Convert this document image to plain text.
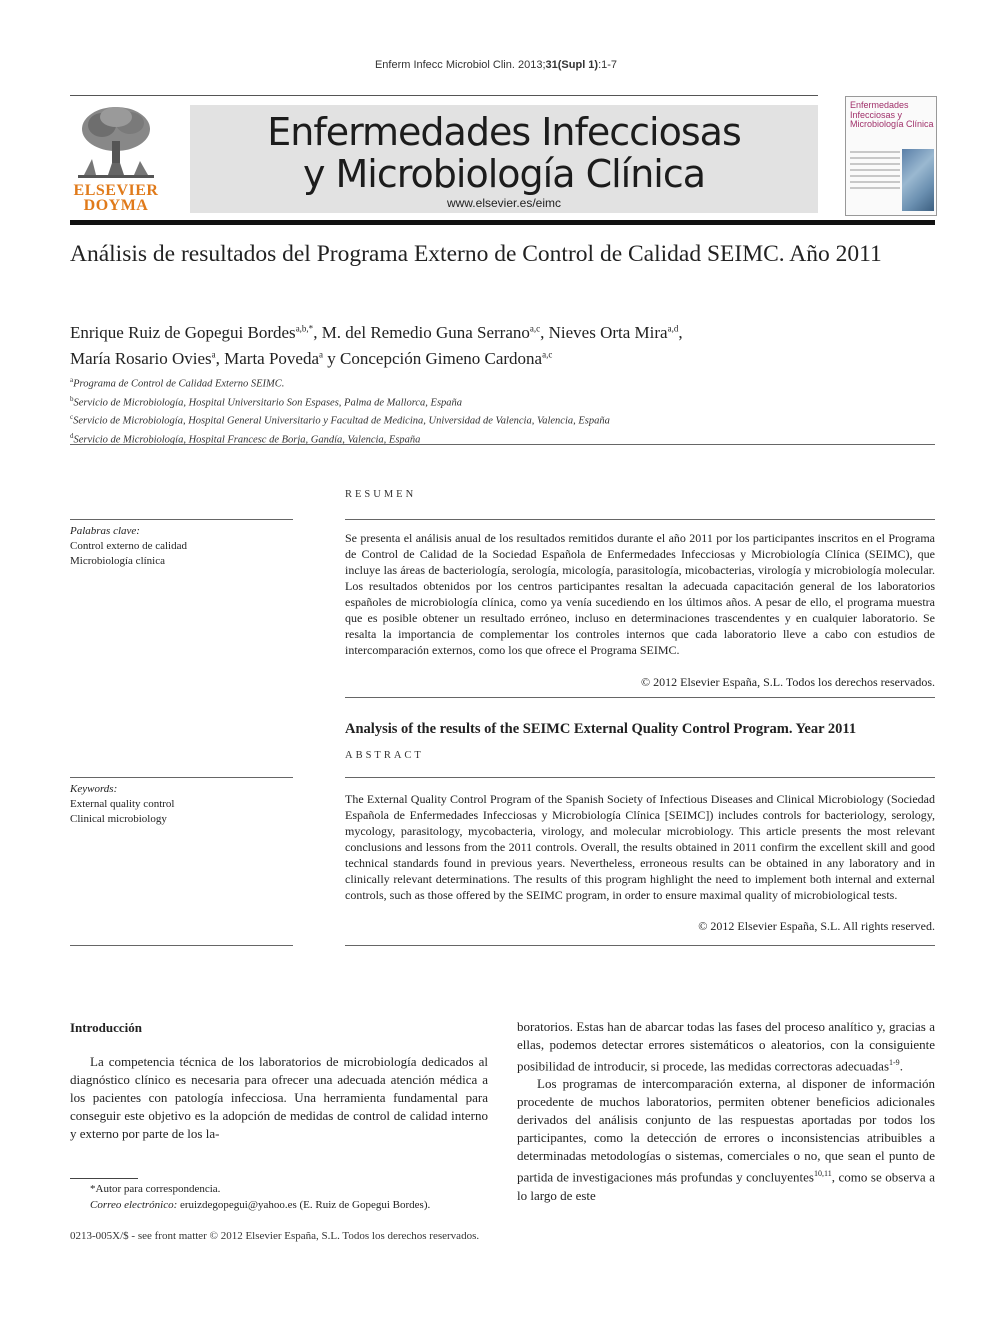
Enferm Infecc Microbiol Clin. 2013;31(Supl 1):1-7
ELSEVIER
DOYMA
Enfermedades Infecciosas
y Microbiología Clínica
www.elsevier.es/eimc
Enfermedades Infecciosas y Microbiología Clínica
Análisis de resultados del Programa Externo de Control de Calidad SEIMC. Año 2011
Enrique Ruiz de Gopegui Bordes$^{a,b,*}$, M. del Remedio Guna Serrano$^{a,c}$, Nieves Orta Mira$^{a,d}$,
María Rosario Ovies$^a$, Marta Poveda$^a$ y Concepción Gimeno Cardona$^{a,c}$
$^a$Programa de Control de Calidad Externo SEIMC.
$^b$Servicio de Microbiología, Hospital Universitario Son Espases, Palma de Mallorca, España
$^c$Servicio de Microbiología, Hospital General Universitario y Facultad de Medicina, Universidad de Valencia, Valencia, España
$^d$Servicio de Microbiología, Hospital Francesc de Borja, Gandía, Valencia, España
RESUMEN
Palabras clave:
Control externo de calidad
Microbiología clínica
Se presenta el análisis anual de los resultados remitidos durante el año 2011 por los participantes inscritos en el Programa de Control de Calidad de la Sociedad Española de Enfermedades Infecciosas y Microbiología Clínica (SEIMC), que incluye las áreas de bacteriología, serología, micología, parasitología, micobacterias, virología y microbiología molecular. Los resultados obtenidos por los centros participantes resaltan la adecuada capacitación general de los laboratorios españoles de microbiología clínica, como ya venía sucediendo en los últimos años. A pesar de ello, el programa muestra que es posible obtener un resultado erróneo, incluso en determinaciones trascendentes y en cualquier laboratorio. Se resalta la importancia de complementar los controles internos que cada laboratorio lleve a cabo con estudios de intercomparación externos, como los que ofrece el Programa SEIMC.
© 2012 Elsevier España, S.L. Todos los derechos reservados.
Analysis of the results of the SEIMC External Quality Control Program. Year 2011
ABSTRACT
Keywords:
External quality control
Clinical microbiology
The External Quality Control Program of the Spanish Society of Infectious Diseases and Clinical Microbiology (Sociedad Española de Enfermedades Infecciosas y Microbiología Clínica [SEIMC]) includes controls for bacteriology, serology, mycology, parasitology, mycobacteria, virology, and molecular microbiology. This article presents the most relevant conclusions and lessons from the 2011 controls. Overall, the results obtained in 2011 confirm the excellent skill and good technical standards found in previous years. Nevertheless, erroneous results can be obtained in any laboratory and in clinically relevant determinations. The results of this program highlight the need to implement both internal and external controls, such as those offered by the SEIMC program, in order to ensure maximal quality of microbiological tests.
© 2012 Elsevier España, S.L. All rights reserved.
Introducción

La competencia técnica de los laboratorios de microbiología dedicados al diagnóstico clínico es necesaria para ofrecer una adecuada atención médica a los pacientes con patología infecciosa. Una herramienta fundamental para conseguir este objetivo es la adopción de medidas de control de calidad interno y externo por parte de los la-

boratorios. Estas han de abarcar todas las fases del proceso analítico y, gracias a ellas, podemos detectar errores sistemáticos o aleatorios, con la consiguiente posibilidad de introducir, si procede, las medidas correctoras adecuadas$^{1-9}$.

Los programas de intercomparación externa, al disponer de información procedente de muchos laboratorios, permiten obtener beneficios adicionales derivados del análisis conjunto de las respuestas aportadas por todos los participantes, como la detección de errores o inconsistencias atribuibles a determinadas metodologías o sistemas, comerciales o no, que sean el punto de partida de investigaciones más profundas y concluyentes$^{10,11}$, como se observa a lo largo de este

*Autor para correspondencia.
Correo electrónico: eruizdegopegui@yahoo.es (E. Ruiz de Gopegui Bordes).
0213-005X/$ - see front matter © 2012 Elsevier España, S.L. Todos los derechos reservados.
